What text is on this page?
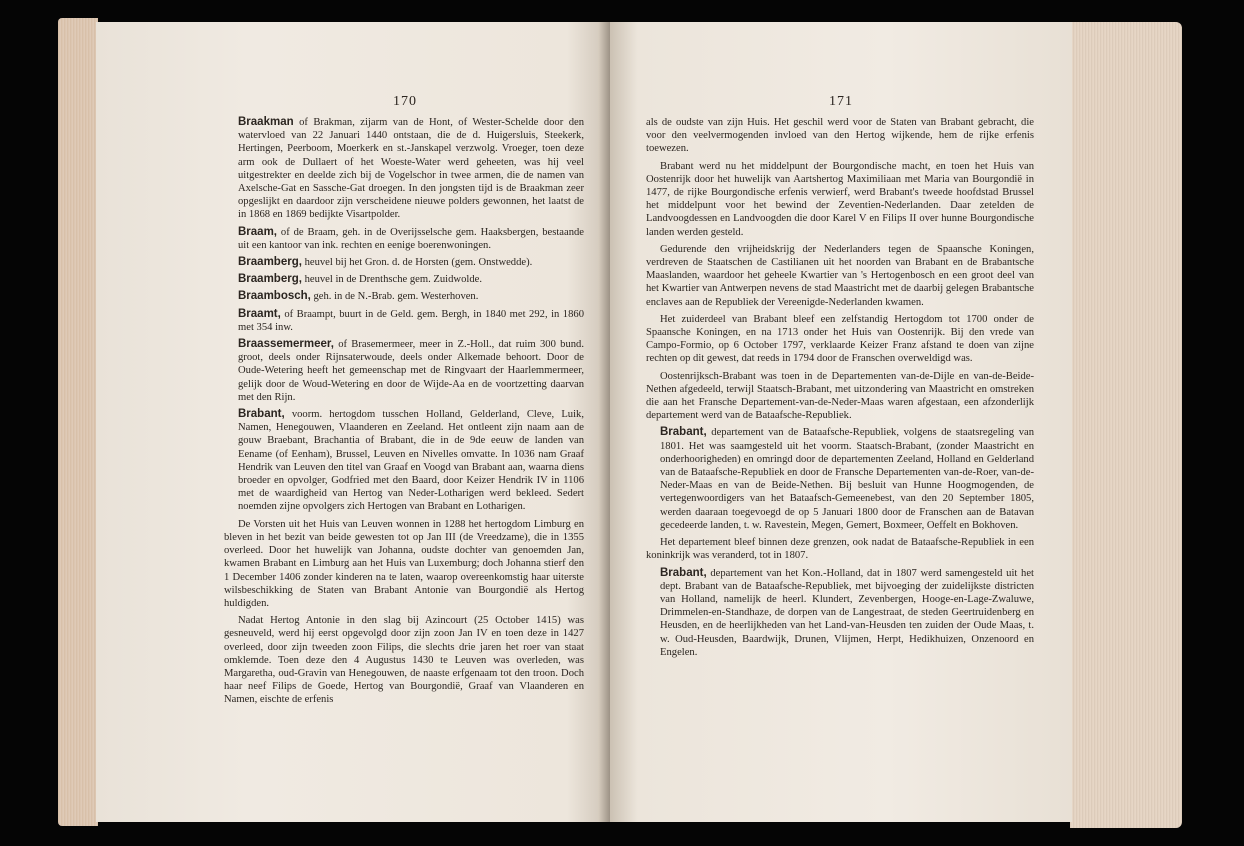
170

Braakman of Brakman, zijarm van de Hont, of Wester-Schelde door den watervloed van 22 Januari 1440 ontstaan, die de d. Huigersluis, Steekerk, Hertingen, Peerboom, Moerkerk en st.-Janskapel verzwolg. Vroeger, toen deze arm ook de Dullaert of het Woeste-Water werd geheeten, was hij veel uitgestrekter en deelde zich bij de Vogelschor in twee armen, die de namen van Axelsche-Gat en Sassche-Gat droegen. In den jongsten tijd is de Braakman zeer opgeslijkt en daardoor zijn verscheidene nieuwe polders gewonnen, het laatst de in 1868 en 1869 bedijkte Visartpolder.

Braam, of de Braam, geh. in de Overijsselsche gem. Haaksbergen, bestaande uit een kantoor van ink. rechten en eenige boerenwoningen.

Braamberg, heuvel bij het Gron. d. de Horsten (gem. Onstwedde).

Braamberg, heuvel in de Drenthsche gem. Zuidwolde.

Braambosch, geh. in de N.-Brab. gem. Westerhoven.

Braamt, of Braampt, buurt in de Geld. gem. Bergh, in 1840 met 292, in 1860 met 354 inw.

Braassemermeer, of Brasemermeer, meer in Z.-Holl., dat ruim 300 bund. groot, deels onder Rijnsaterwoude, deels onder Alkemade behoort. Door de Oude-Wetering heeft het gemeenschap met de Ringvaart der Haarlemmermeer, gelijk door de Woud-Wetering en door de Wijde-Aa en de voortzetting daarvan met den Rijn.

Brabant, voorm. hertogdom tusschen Holland, Gelderland, Cleve, Luik, Namen, Henegouwen, Vlaanderen en Zeeland. Het ontleent zijn naam aan de gouw Braebant, Brachantia of Brabant, die in de 9de eeuw de landen van Eename (of Eenham), Brussel, Leuven en Nivelles omvatte. In 1036 nam Graaf Hendrik van Leuven den titel van Graaf en Voogd van Brabant aan, waarna diens broeder en opvolger, Godfried met den Baard, door Keizer Hendrik IV in 1106 met de waardigheid van Hertog van Neder-Lotharigen werd bekleed. Sedert noemden zijne opvolgers zich Hertogen van Brabant en Lotharigen.

De Vorsten uit het Huis van Leuven wonnen in 1288 het hertogdom Limburg en bleven in het bezit van beide gewesten tot op Jan III (de Vreedzame), die in 1355 overleed. Door het huwelijk van Johanna, oudste dochter van genoemden Jan, kwamen Brabant en Limburg aan het Huis van Luxemburg; doch Johanna stierf den 1 December 1406 zonder kinderen na te laten, waarop overeenkomstig haar uiterste wilsbeschikking de Staten van Brabant Antonie van Bourgondië als Hertog huldigden.

Nadat Hertog Antonie in den slag bij Azincourt (25 October 1415) was gesneuveld, werd hij eerst opgevolgd door zijn zoon Jan IV en toen deze in 1427 overleed, door zijn tweeden zoon Filips, die slechts drie jaren het roer van staat omklemde. Toen deze den 4 Augustus 1430 te Leuven was overleden, was Margaretha, oud-Gravin van Henegouwen, de naaste erfgenaam tot den troon. Doch haar neef Filips de Goede, Hertog van Bourgondië, Graaf van Vlaanderen en Namen, eischte de erfenis

171

als de oudste van zijn Huis. Het geschil werd voor de Staten van Brabant gebracht, die voor den veelvermogenden invloed van den Hertog wijkende, hem de rijke erfenis toewezen.

Brabant werd nu het middelpunt der Bourgondische macht, en toen het Huis van Oostenrijk door het huwelijk van Aartshertog Maximiliaan met Maria van Bourgondië in 1477, de rijke Bourgondische erfenis verwierf, werd Brabant's tweede hoofdstad Brussel het middelpunt voor het bewind der Zeventien-Nederlanden. Daar zetelden de Landvoogdessen en Landvoogden die door Karel V en Filips II over hunne Bourgondische landen werden gesteld.

Gedurende den vrijheidskrijg der Nederlanders tegen de Spaansche Koningen, verdreven de Staatschen de Castilianen uit het noorden van Brabant en de Brabantsche Maaslanden, waardoor het geheele Kwartier van 's Hertogenbosch en een groot deel van het Kwartier van Antwerpen nevens de stad Maastricht met de daarbij gelegen Brabantsche enclaves aan de Republiek der Vereenigde-Nederlanden kwamen.

Het zuiderdeel van Brabant bleef een zelfstandig Hertogdom tot 1700 onder de Spaansche Koningen, en na 1713 onder het Huis van Oostenrijk. Bij den vrede van Campo-Formio, op 6 October 1797, verklaarde Keizer Franz afstand te doen van zijne rechten op dit gewest, dat reeds in 1794 door de Franschen overweldigd was.

Oostenrijksch-Brabant was toen in de Departementen van-de-Dijle en van-de-Beide-Nethen afgedeeld, terwijl Staatsch-Brabant, met uitzondering van Maastricht en omstreken die aan het Fransche Departement-van-de-Neder-Maas waren afgestaan, een afzonderlijk departement werd van de Bataafsche-Republiek.

Brabant, departement van de Bataafsche-Republiek, volgens de staatsregeling van 1801. Het was saamgesteld uit het voorm. Staatsch-Brabant, (zonder Maastricht en onderhoorigheden) en omringd door de departementen Zeeland, Holland en Gelderland van de Bataafsche-Republiek en door de Fransche Departementen van-de-Roer, van-de-Neder-Maas en van de Beide-Nethen. Bij besluit van Hunne Hoogmogenden, de vertegenwoordigers van het Bataafsch-Gemeenebest, van den 20 September 1805, werden daaraan toegevoegd de op 5 Januari 1800 door de Franschen aan de Batavan gecedeerde landen, t. w. Ravestein, Megen, Gemert, Boxmeer, Oeffelt en Bokhoven.

Het departement bleef binnen deze grenzen, ook nadat de Bataafsche-Republiek in een koninkrijk was veranderd, tot in 1807.

Brabant, departement van het Kon.-Holland, dat in 1807 werd samengesteld uit het dept. Brabant van de Bataafsche-Republiek, met bijvoeging der zuidelijkste districten van Holland, namelijk de heerl. Klundert, Zevenbergen, Hooge-en-Lage-Zwaluwe, Drimmelen-en-Standhaze, de dorpen van de Langestraat, de steden Geertruidenberg en Heusden, en de heerlijkheden van het Land-van-Heusden ten zuiden der Oude Maas, t. w. Oud-Heusden, Baardwijk, Drunen, Vlijmen, Herpt, Hedikhuizen, Onzenoord en Engelen.
